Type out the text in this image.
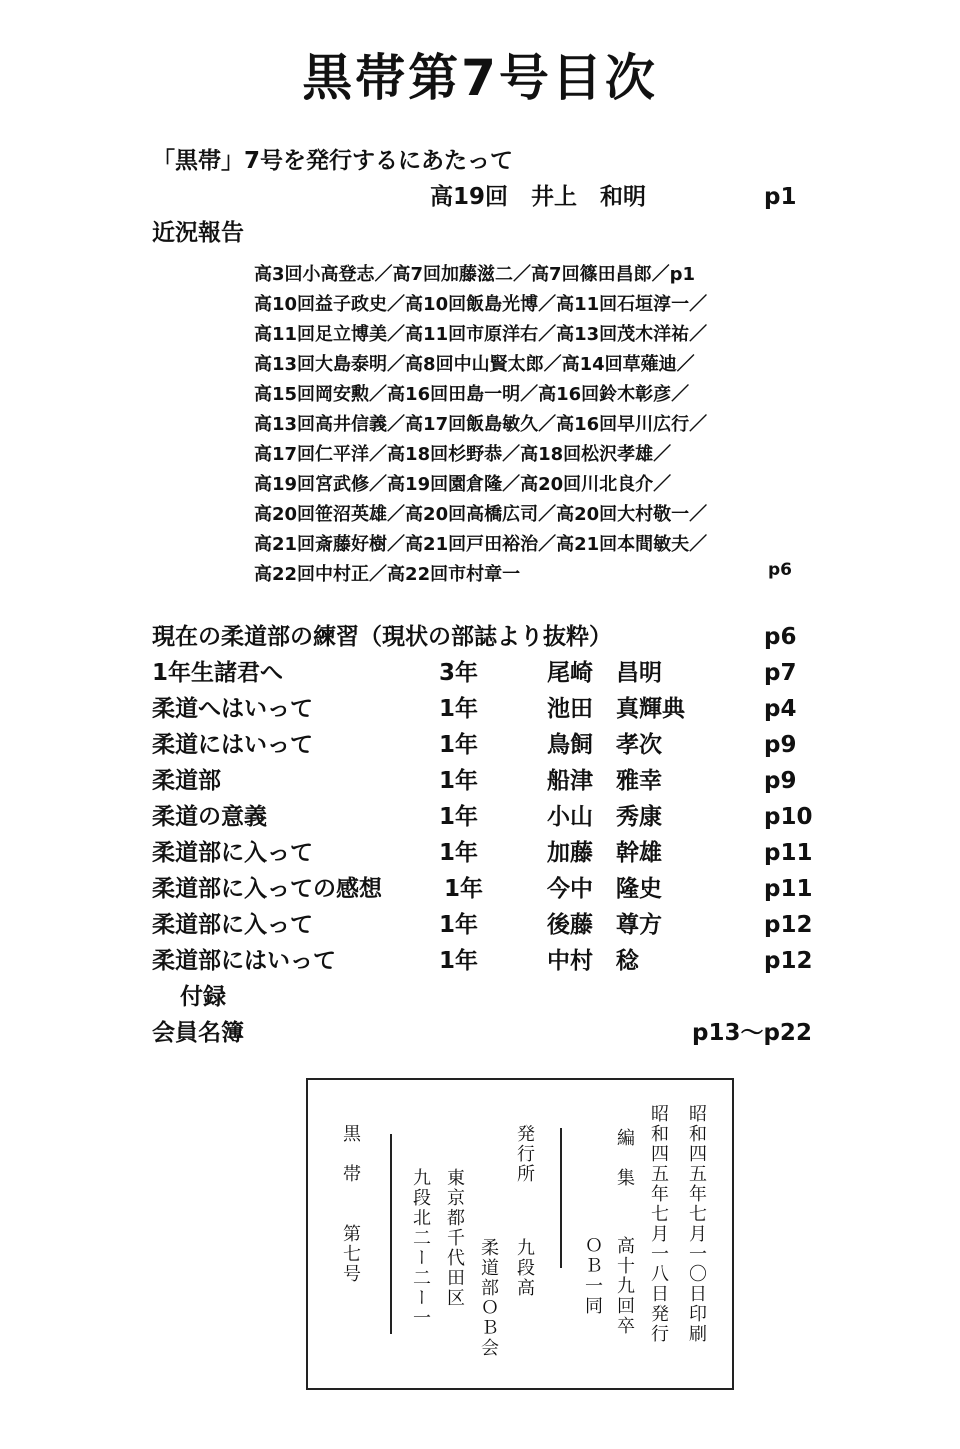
黒帯第7号目次
「黒帯」7号を発行するにあたって
高19回　井上　和明	p1
近況報告
高3回小高登志／高7回加藤滋二／高7回篠田昌郎／p1
高10回益子政史／高10回飯島光博／高11回石垣淳一／
高11回足立博美／高11回市原洋右／高13回茂木洋祐／
高13回大島泰明／高8回中山賢太郎／高14回草薙迪／
高15回岡安勲／高16回田島一明／高16回鈴木彰彦／
高13回高井信義／高17回飯島敏久／高16回早川広行／
高17回仁平洋／高18回杉野恭／高18回松沢孝雄／
高19回宮武修／高19回園倉隆／高20回川北良介／
高20回笹沼英雄／高20回高橋広司／高20回大村敬一／
高21回斎藤好樹／高21回戸田裕治／高21回本間敏夫／
高22回中村正／高22回市村章一	p6
現在の柔道部の練習（現状の部誌より抜粋）	p6
1年生諸君へ	3年	尾崎　昌明	p7
柔道へはいって	1年	池田　真輝典	p4
柔道にはいって	1年	鳥飼　孝次	p9
柔道部	1年	船津　雅幸	p9
柔道の意義	1年	小山　秀康	p10
柔道部に入って	1年	加藤　幹雄	p11
柔道部に入っての感想	1年	今中　隆史	p11
柔道部に入って	1年	後藤　尊方	p12
柔道部にはいって	1年	中村　稔	p12
付録
会員名簿	p13〜p22
昭和四五年七月一〇日印刷
昭和四五年七月一八日発行
編　集
高十九回卒
ＯＢ一同
発行所
九段高
柔道部ＯＢ会
東京都千代田区
九段北二ー二ー一
黒　帯　　第七号
